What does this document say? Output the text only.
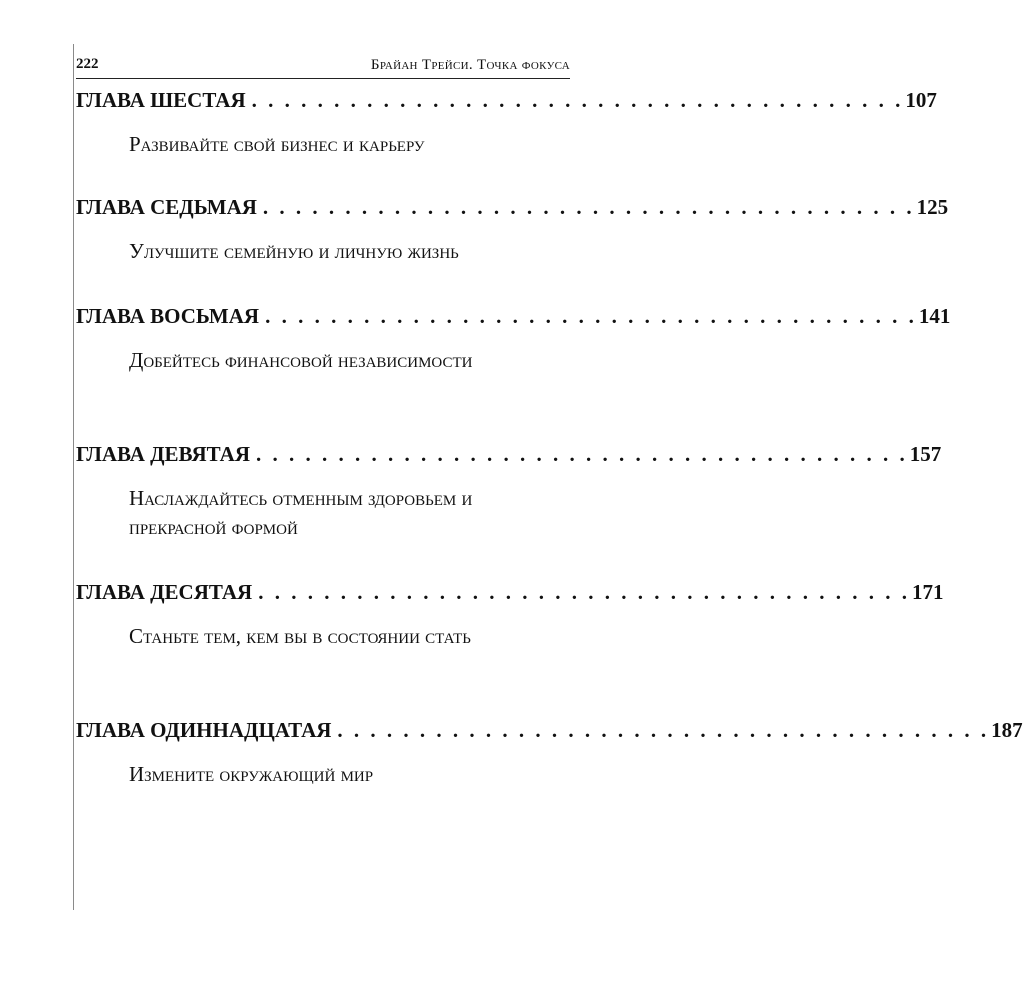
222	Брайан Трейси. Точка фокуса
ГЛАВА ШЕСТАЯ . . . . . . . . . . . . . . . . . . . . . . . . . . . . . . . . . . . . . . . . 107
Развивайте свой бизнес и карьеру
ГЛАВА СЕДЬМАЯ . . . . . . . . . . . . . . . . . . . . . . . . . . . . . . . . . . . . . . . . 125
Улучшите семейную и личную жизнь
ГЛАВА ВОСЬМАЯ . . . . . . . . . . . . . . . . . . . . . . . . . . . . . . . . . . . . . . . . 141
Добейтесь финансовой независимости
ГЛАВА ДЕВЯТАЯ . . . . . . . . . . . . . . . . . . . . . . . . . . . . . . . . . . . . . . . . 157
Наслаждайтесь отменным здоровьем и прекрасной формой
ГЛАВА ДЕСЯТАЯ . . . . . . . . . . . . . . . . . . . . . . . . . . . . . . . . . . . . . . . . 171
Станьте тем, кем вы в состоянии стать
ГЛАВА ОДИННАДЦАТАЯ . . . . . . . . . . . . . . . . . . . . . . . . . . . . . . . . . . . . . . . . 187
Измените окружающий мир
